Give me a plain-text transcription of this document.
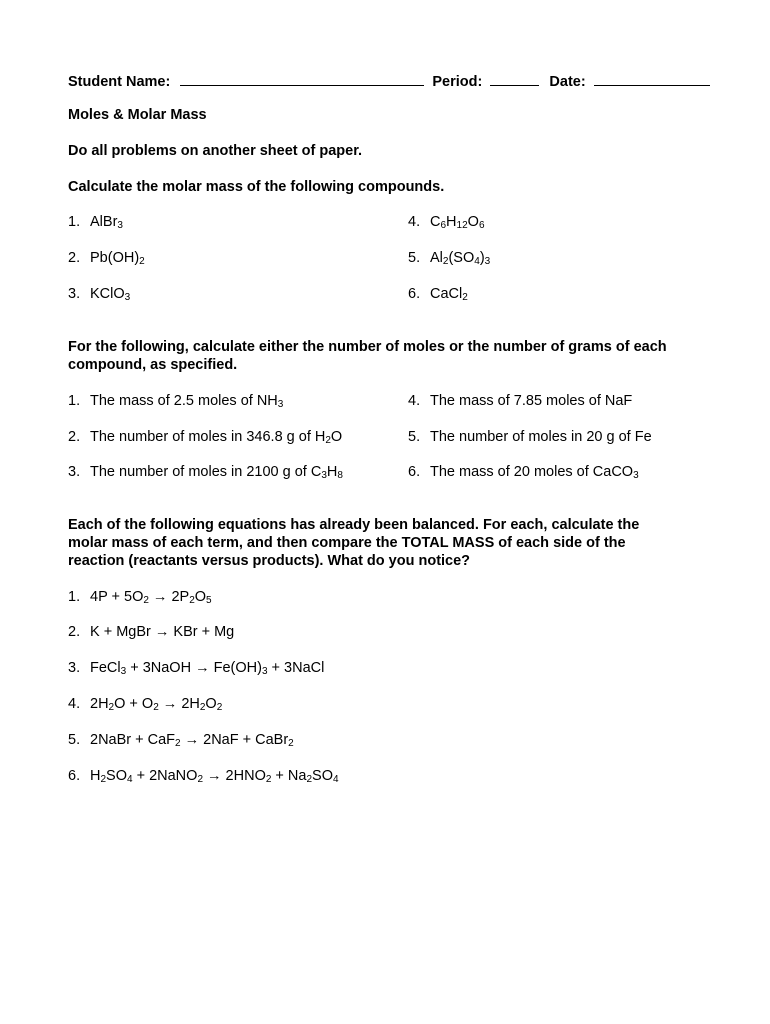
Student Name:	Period:	Date:
Moles & Molar Mass
Do all problems on another sheet of paper.
Calculate the molar mass of the following compounds.
1. AlBr$_3$
2. $Pb(OH)_2$
3. KClO$_3$
4. $C_6H_{12}O_6$
5. $Al_2(SO_4)_3$
6. CaCl$_2$
For the following, calculate either the number of moles or the number of grams of each
compound, as specified.
1. The mass of 2.5 moles of $NH_3$
2. The number of moles in 346.8 g of $H_2O$
3. The number of moles in 2100 g of $C_3H_8$
4. The mass of 7.85 moles of NaF
5. The number of moles in 20 g of Fe
6. The mass of 20 moles of CaCO$_3$
Each of the following equations has already been balanced. For each, calculate the
molar mass of each term, and then compare the TOTAL MASS of each side of the
reaction (reactants versus products). What do you notice?
1. $4P + 5O_2 \to 2P_2O_5$
2. K + MgBr → KBr + Mg
3. FeCl$_3$ + 3NaOH → $Fe(OH)_3$ + 3NaCl
4. $2H_2O + O_2 \to 2H_2O_2$
5. 2NaBr + CaF$_2$ → 2NaF + CaBr$_2$
6. $H_2SO_4$ + 2NaNO$_2$ → $2HNO_2 + Na_2SO_4$
